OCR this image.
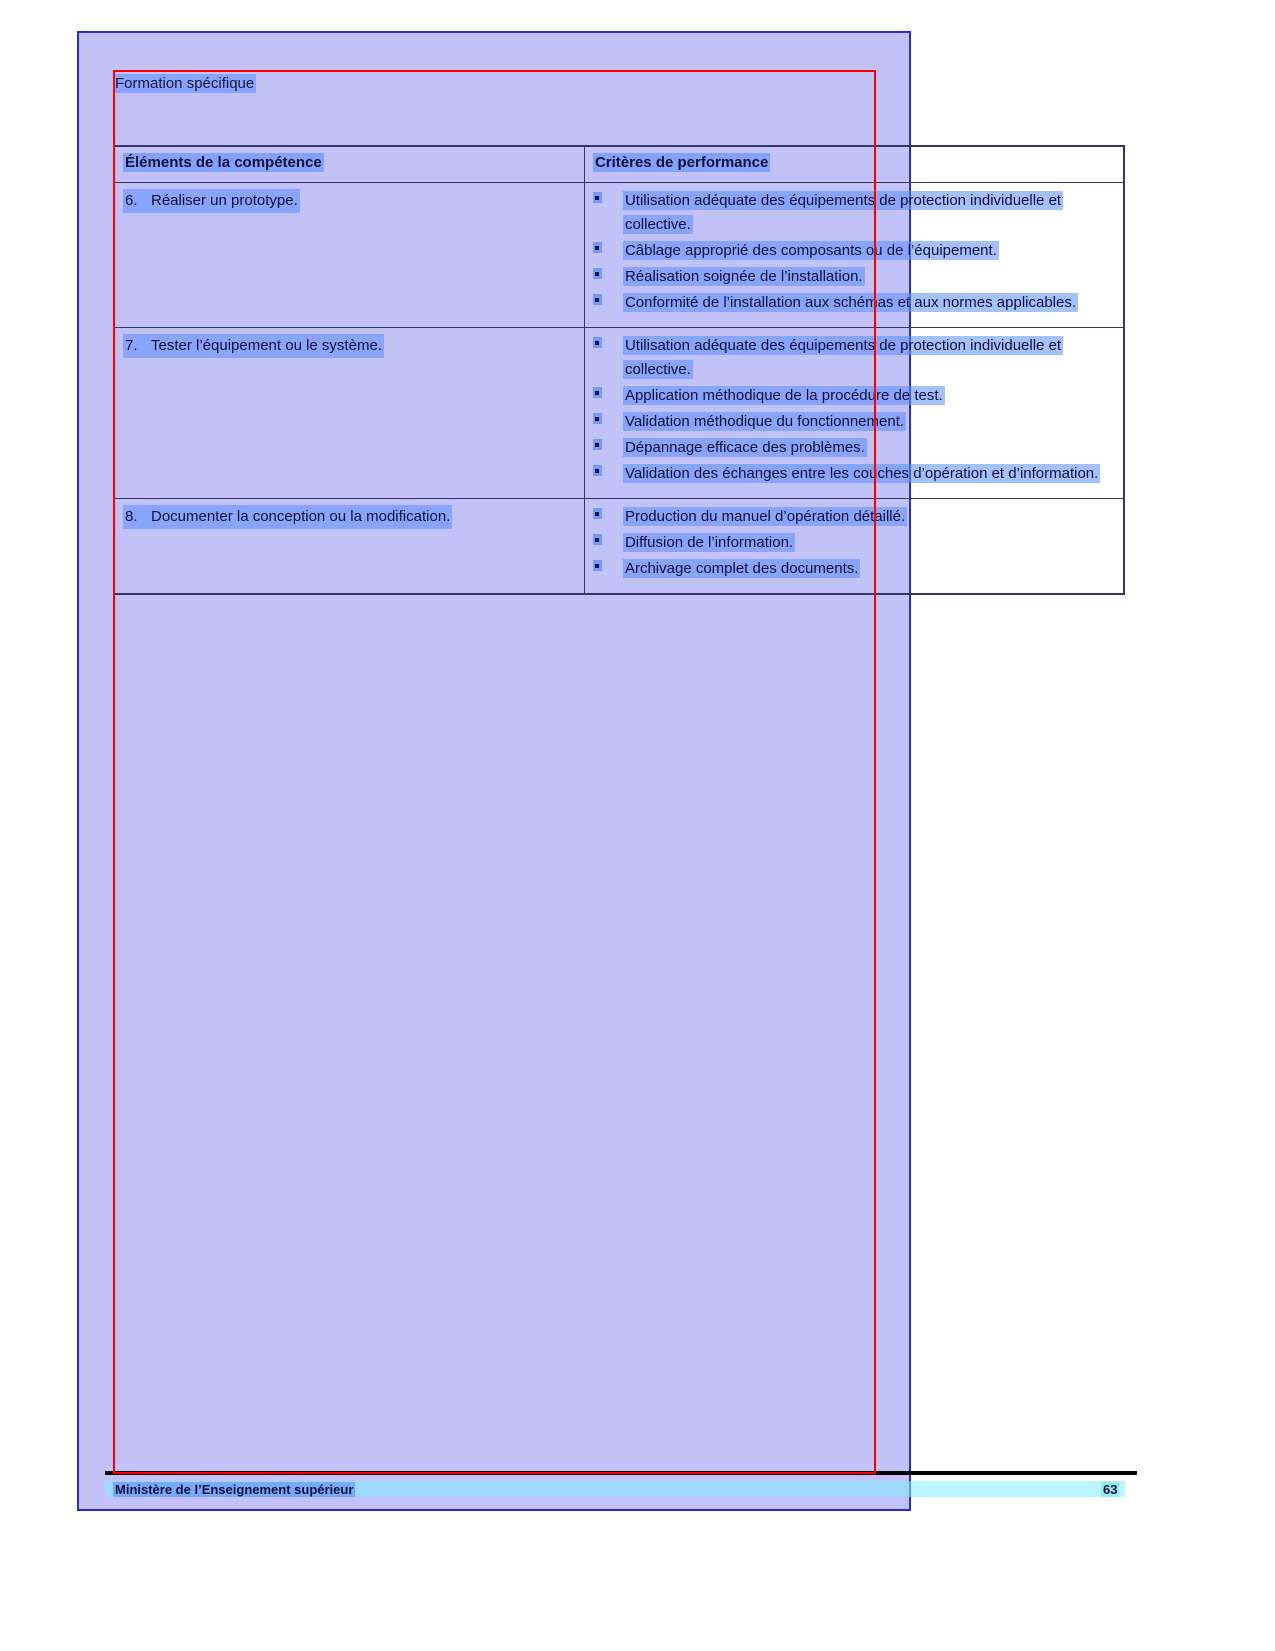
Formation spécifique
Éléments de la compétence	Critères de performance
6. Réaliser un prototype.	Utilisation adéquate des équipements de protection individuelle et collective.
Câblage approprié des composants ou de l’équipement.
Réalisation soignée de l’installation.
Conformité de l’installation aux schémas et aux normes applicables.

7. Tester l’équipement ou le système.	Utilisation adéquate des équipements de protection individuelle et collective.
Application méthodique de la procédure de test.
Validation méthodique du fonctionnement.
Dépannage efficace des problèmes.
Validation des échanges entre les couches d’opération et d’information.

8. Documenter la conception ou la modification.	Production du manuel d’opération détaillé.
Diffusion de l’information.
Archivage complet des documents.
Ministère de l’Enseignement supérieur	63
